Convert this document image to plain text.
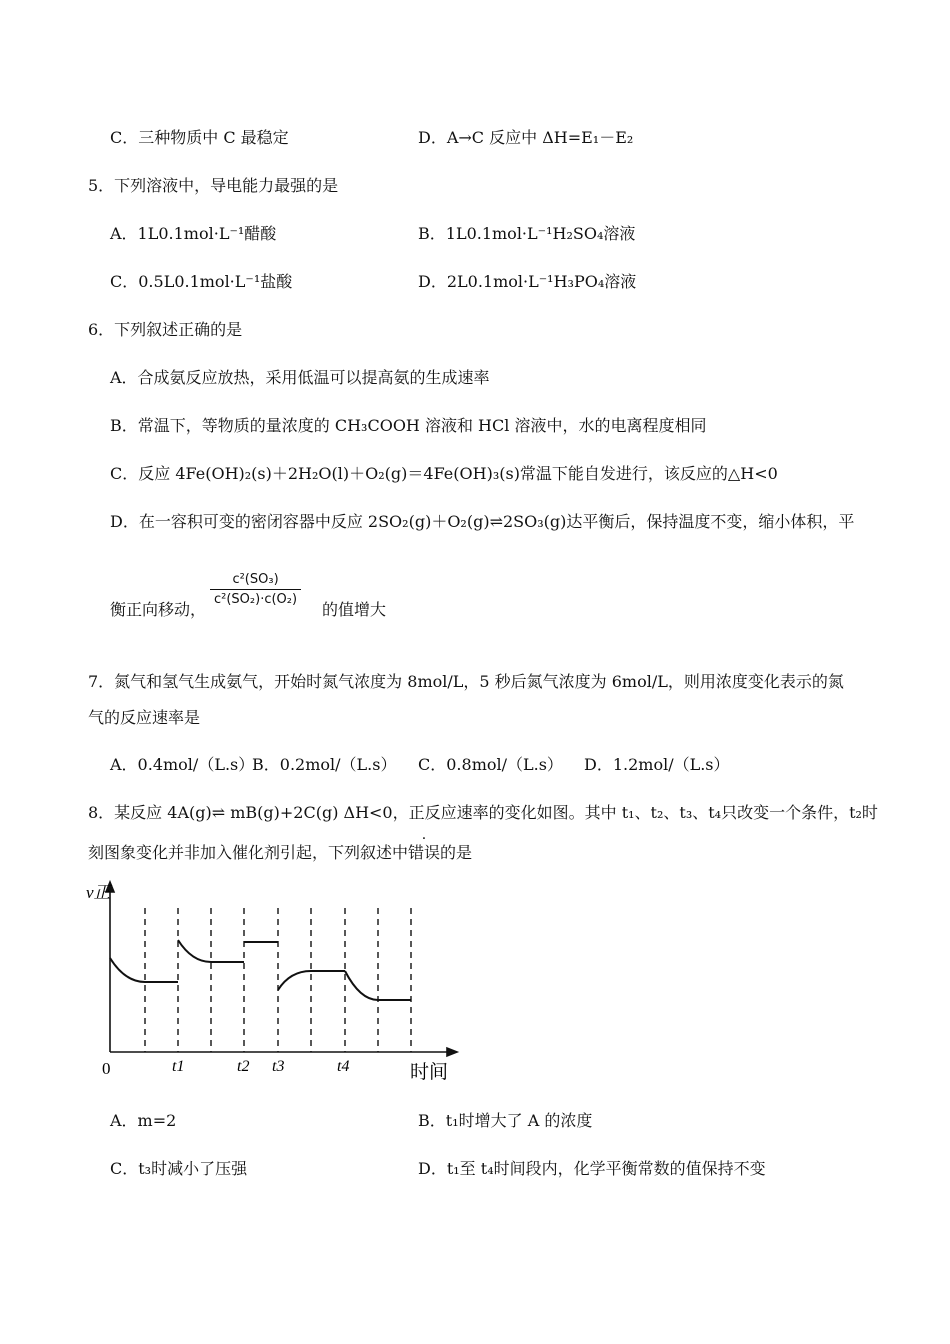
C．三种物质中 C 最稳定	D．A→C 反应中 ΔH=E₁－E₂
5．下列溶液中，导电能力最强的是
A．1L0.1mol·L⁻¹醋酸	B．1L0.1mol·L⁻¹H₂SO₄溶液
C．0.5L0.1mol·L⁻¹盐酸	D．2L0.1mol·L⁻¹H₃PO₄溶液
6．下列叙述正确的是
A．合成氨反应放热，采用低温可以提高氨的生成速率
B．常温下，等物质的量浓度的 CH₃COOH 溶液和 HCl 溶液中，水的电离程度相同
C．反应 4Fe(OH)₂(s)＋2H₂O(l)＋O₂(g)＝4Fe(OH)₃(s)常温下能自发进行，该反应的△H<0
D．在一容积可变的密闭容器中反应 2SO₂(g)＋O₂(g)⇌2SO₃(g)达平衡后，保持温度不变，缩小体积，平
衡正向移动，
$\frac{\text{c²(SO₃)}}{\text{c²(SO₂)·c(O₂)}}$
的值增大
7．氮气和氢气生成氨气，开始时氮气浓度为 8mol/L，5 秒后氮气浓度为 6mol/L，则用浓度变化表示的氮
气的反应速率是
A．0.4mol/（L.s）
B．0.2mol/（L.s） C．0.8mol/（L.s） D．1.2mol/（L.s）
8．某反应 4A(g)⇌ mB(g)+2C(g) ΔH<0，正反应速率的变化如图。其中 t₁、t₂、t₃、t₄只改变一个条件，t₂时
刻图象变化并非加入催化剂引起，下列叙述中错误的是
v正
0	t1	t2 t3	t4	时间
A．m=2	B．t₁时增大了 A 的浓度
C．t₃时减小了压强	D．t₁至 t₄时间段内，化学平衡常数的值保持不变
